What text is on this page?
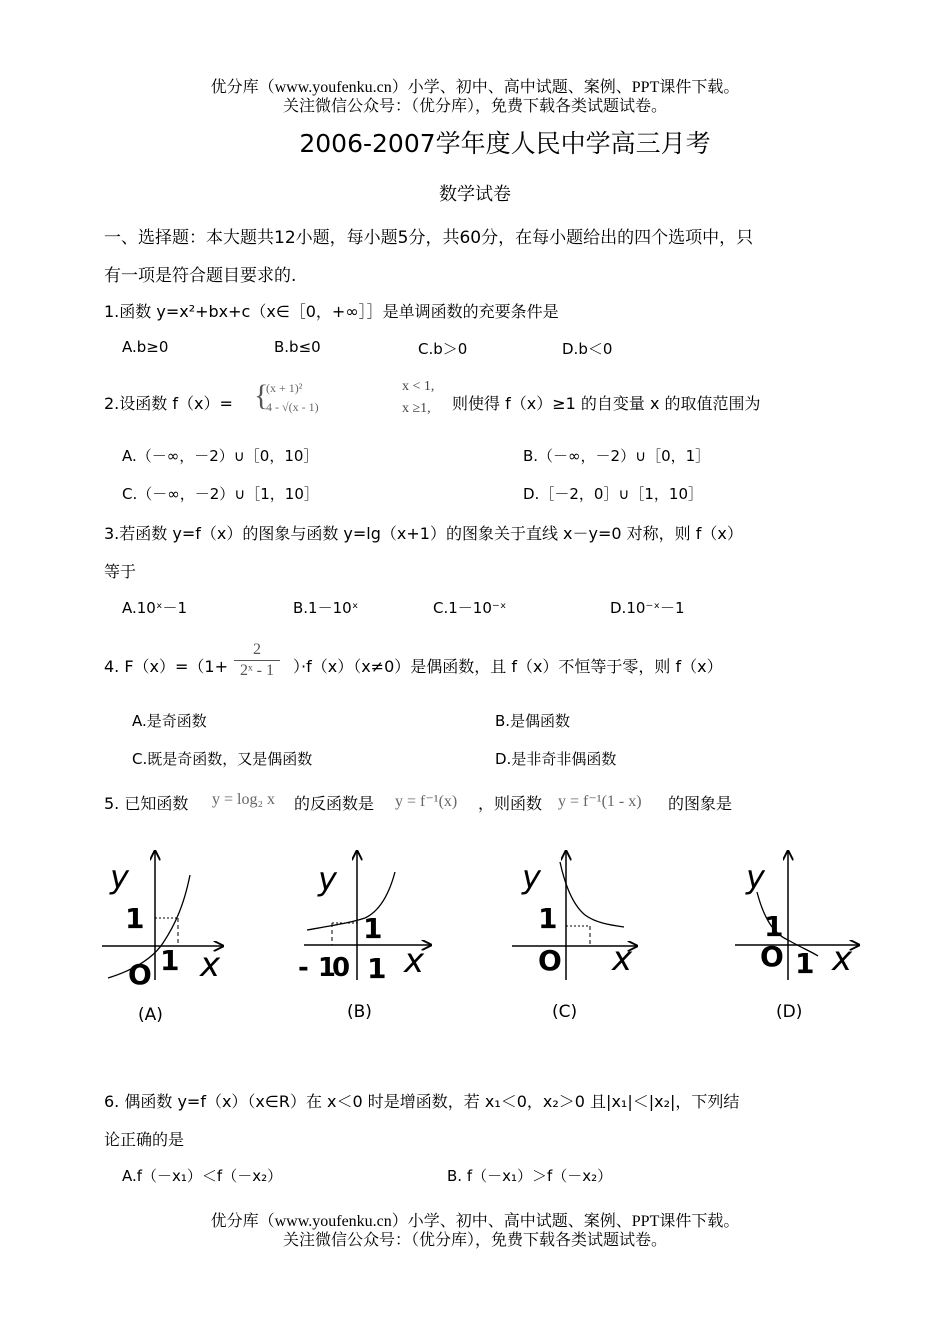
优分库（www.youfenku.cn）小学、初中、高中试题、案例、PPT课件下载。
关注微信公众号：（优分库），免费下载各类试题试卷。
2006-2007学年度人民中学高三月考
数学试卷
一、选择题：本大题共12小题，每小题5分，共60分，在每小题给出的四个选项中，只
有一项是符合题目要求的.
1.函数 y=x²+bx+c（x∈［0，+∞］］是单调函数的充要条件是
A.b≥0	B.b≤0	C.b＞0	D.b＜0
2.设函数 f（x）= {
(x + 1)²
4 - √(x - 1)
x < 1,
x ≥1, 则使得 f（x）≥1 的自变量 x 的取值范围为
A.（－∞，－2）∪［0，10］	B.（－∞，－2）∪［0，1］
C.（－∞，－2）∪［1，10］	D.［－2，0］∪［1，10］
3.若函数 y=f（x）的图象与函数 y=lg（x+1）的图象关于直线 x－y=0 对称，则 f（x）
等于
A.10ˣ－1	B.1－10ˣ	C.1－10⁻ˣ	D.10⁻ˣ－1
4. $F(x)=(1+ \frac{2}{\text{2ˣ - 1}} )\cdot f(x)(x\ne 0)$是偶函数，且 f（x）不恒等于零，则 f（x）
A.是奇函数	B.是偶函数
C.既是奇函数，又是偶函数	D.是非奇非偶函数
5. 已知函数 y = log₂ x 的反函数是 y = f⁻¹(x) ，则函数 y = f⁻¹(1 - x) 的图象是
y
1
1 x
O
(A)
y
1
- 1
0 1 x
(B)
y
1
O x
(C)
y
1
O 1 x
(D)
6. 偶函数 y=f（x）（x∈R）在 x＜0 时是增函数，若 x₁＜0，x₂＞0 且|x₁|＜|x₂|，下列结
论正确的是
A.f（－x₁）＜f（－x₂）	B. f（－x₁）＞f（－x₂）
优分库（www.youfenku.cn）小学、初中、高中试题、案例、PPT课件下载。
关注微信公众号：（优分库），免费下载各类试题试卷。
